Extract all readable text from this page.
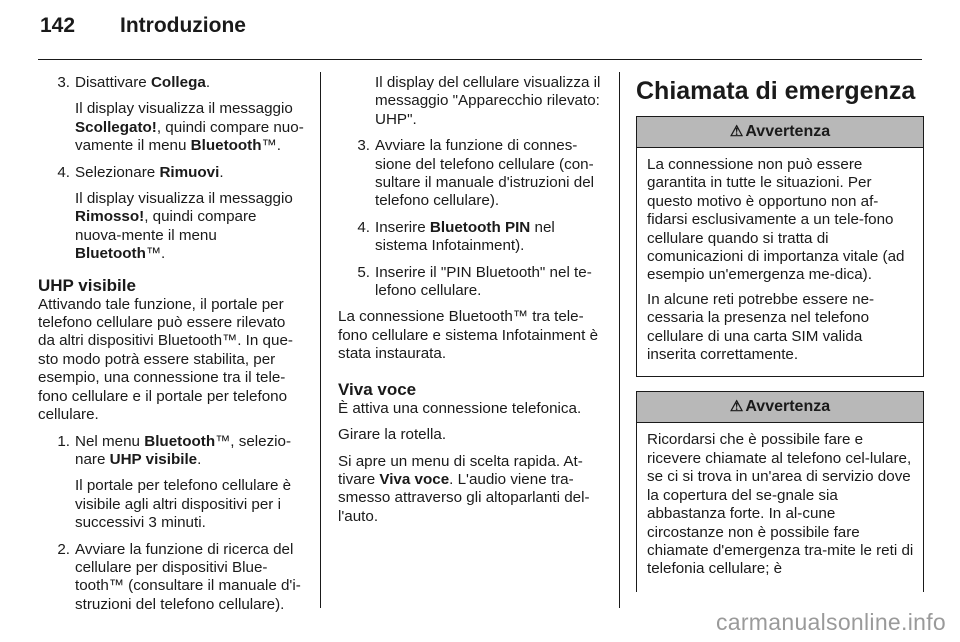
142 Introduzione
3. Disattivare Collega.
Il display visualizza il messaggio Scollegato!, quindi compare nuo-vamente il menu Bluetooth™.
4. Selezionare Rimuovi.
Il display visualizza il messaggio Rimosso!, quindi compare nuova-mente il menu Bluetooth™.
UHP visibile

Attivando tale funzione, il portale per telefono cellulare può essere rilevato da altri dispositivi Bluetooth™. In que-sto modo potrà essere stabilita, per esempio, una connessione tra il tele-fono cellulare e il portale per telefono cellulare.

1. Nel menu Bluetooth™, selezio-nare UHP visibile.
Il portale per telefono cellulare è visibile agli altri dispositivi per i successivi 3 minuti.
2. Avviare la funzione di ricerca del cellulare per dispositivi Blue-tooth™ (consultare il manuale d'i-struzioni del telefono cellulare).
Il display del cellulare visualizza il messaggio "Apparecchio rilevato: UHP".
3. Avviare la funzione di connes-sione del telefono cellulare (con-sultare il manuale d'istruzioni del telefono cellulare).
4. Inserire Bluetooth PIN nel sistema Infotainment).
5. Inserire il "PIN Bluetooth" nel te-lefono cellulare.

La connessione Bluetooth™ tra tele-fono cellulare e sistema Infotainment è stata instaurata.

Viva voce

È attiva una connessione telefonica.

Girare la rotella.

Si apre un menu di scelta rapida. At-tivare Viva voce. L'audio viene tra-smesso attraverso gli altoparlanti del-l'auto.

Chiamata di emergenza
⚠ Avvertenza

La connessione non può essere garantita in tutte le situazioni. Per questo motivo è opportuno non af-fidarsi esclusivamente a un tele-fono cellulare quando si tratta di comunicazioni di importanza vitale (ad esempio un'emergenza me-dica).

In alcune reti potrebbe essere ne-cessaria la presenza nel telefono cellulare di una carta SIM valida inserita correttamente.

⚠ Avvertenza

Ricordarsi che è possibile fare e ricevere chiamate al telefono cel-lulare, se ci si trova in un'area di servizio dove la copertura del se-gnale sia abbastanza forte. In al-cune circostanze non è possibile fare chiamate d'emergenza tra-mite le reti di telefonia cellulare; è

carmanualsonline.info
